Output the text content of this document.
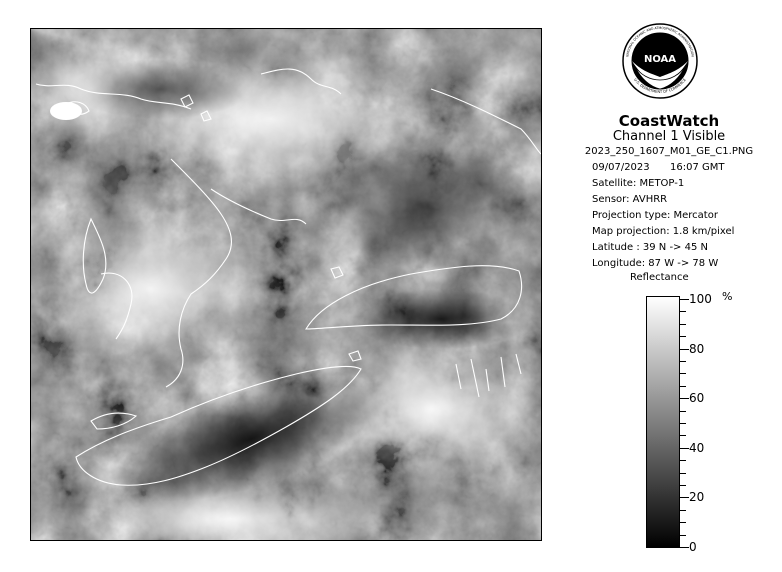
NOAA
NATIONAL OCEANIC AND ATMOSPHERIC ADMINISTRATION
U.S. DEPARTMENT OF COMMERCE
CoastWatch
Channel 1 Visible
2023_250_1607_M01_GE_C1.PNG
09/07/2023 16:07 GMT
Satellite: METOP-1
Sensor: AVHRR
Projection type: Mercator
Map projection: 1.8 km/pixel
Latitude : 39 N -> 45 N
Longitude: 87 W -> 78 W
Reflectance
%
100
80
60
40
20
0
